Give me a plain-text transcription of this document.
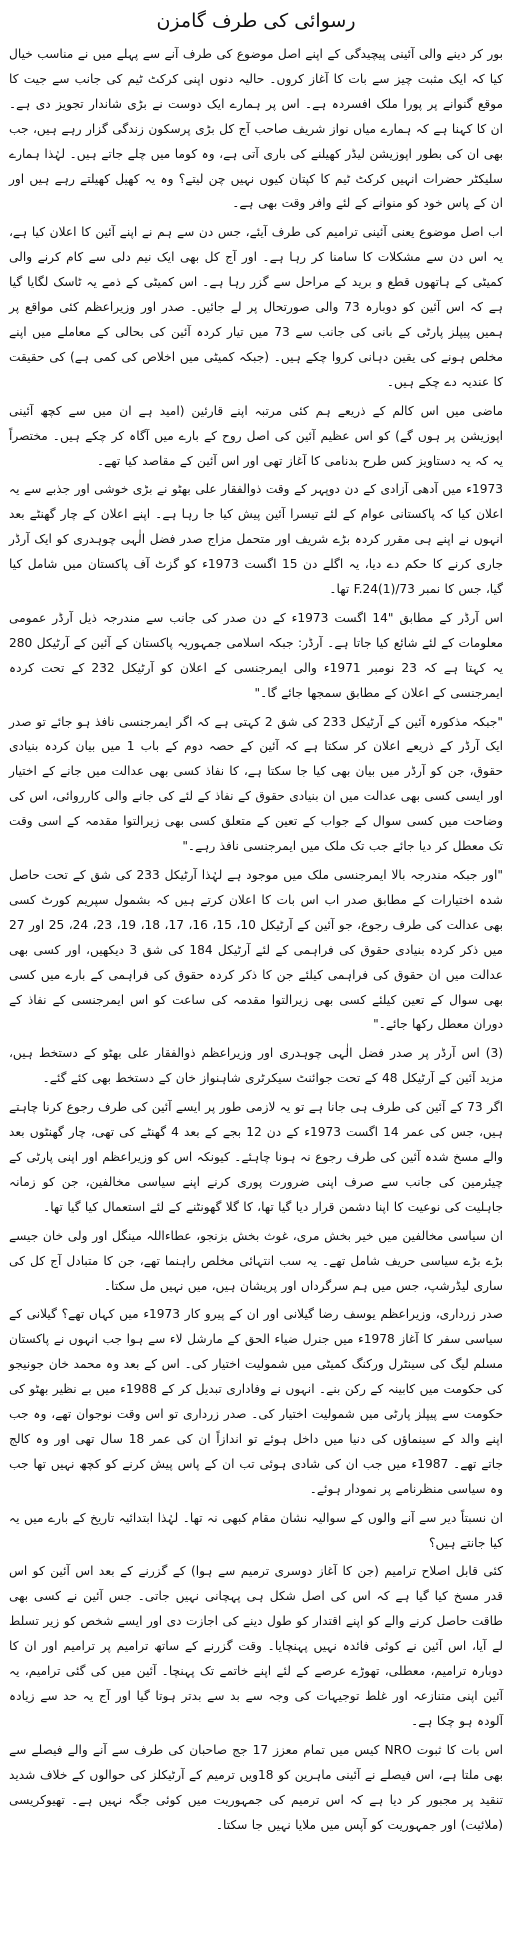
رسوائی کی طرف گامزن

بور کر دینے والی آئینی پیچیدگی کے اپنے اصل موضوع کی طرف آنے سے پہلے میں نے مناسب خیال کیا کہ ایک مثبت چیز سے بات کا آغاز کروں۔ حالیہ دنوں اپنی کرکٹ ٹیم کی جانب سے جیت کا موقع گنوانے پر پورا ملک افسردہ ہے۔ اس پر ہمارے ایک دوست نے بڑی شاندار تجویز دی ہے۔ ان کا کہنا ہے کہ ہمارے میاں نواز شریف صاحب آج کل بڑی پرسکون زندگی گزار رہے ہیں، جب بھی ان کی بطور اپوزیشن لیڈر کھیلنے کی باری آتی ہے، وہ کوما میں چلے جاتے ہیں۔ لہٰذا ہمارے سلیکٹر حضرات انہیں کرکٹ ٹیم کا کپتان کیوں نہیں چن لیتے؟ وہ یہ کھیل کھیلتے رہے ہیں اور ان کے پاس خود کو منوانے کے لئے وافر وقت بھی ہے۔

اب اصل موضوع یعنی آئینی ترامیم کی طرف آیئے، جس دن سے ہم نے اپنے آئین کا اعلان کیا ہے، یہ اس دن سے مشکلات کا سامنا کر رہا ہے۔ اور آج کل بھی ایک نیم دلی سے کام کرنے والی کمیٹی کے ہاتھوں قطع و برید کے مراحل سے گزر رہا ہے۔ اس کمیٹی کے ذمے یہ ٹاسک لگایا گیا ہے کہ اس آئین کو دوبارہ 73 والی صورتحال پر لے جائیں۔ صدر اور وزیراعظم کئی مواقع پر ہمیں پیپلز پارٹی کے بانی کی جانب سے 73 میں تیار کردہ آئین کی بحالی کے معاملے میں اپنے مخلص ہونے کی یقین دہانی کروا چکے ہیں۔ (جبکہ کمیٹی میں اخلاص کی کمی ہے) کی حقیقت کا عندیہ دے چکے ہیں۔

ماضی میں اس کالم کے ذریعے ہم کئی مرتبہ اپنے قارئین (امید ہے ان میں سے کچھ آئینی اپوزیشن پر ہوں گے) کو اس عظیم آئین کی اصل روح کے بارے میں آگاہ کر چکے ہیں۔ مختصراً یہ کہ یہ دستاویز کس طرح بدنامی کا آغاز تھی اور اس آئین کے مقاصد کیا تھے۔

1973ء میں آدھی آزادی کے دن دوپہر کے وقت ذوالفقار علی بھٹو نے بڑی خوشی اور جذبے سے یہ اعلان کیا کہ پاکستانی عوام کے لئے تیسرا آئین پیش کیا جا رہا ہے۔ اپنے اعلان کے چار گھنٹے بعد انہوں نے اپنے ہی مقرر کردہ بڑے شریف اور متحمل مزاج صدر فضل الٰہی چوہدری کو ایک آرڈر جاری کرنے کا حکم دے دیا، یہ اگلے دن 15 اگست 1973ء کو گزٹ آف پاکستان میں شامل کیا گیا، جس کا نمبر F.24(1)/73 تھا۔

اس آرڈر کے مطابق "14 اگست 1973ء کے دن صدر کی جانب سے مندرجہ ذیل آرڈر عمومی معلومات کے لئے شائع کیا جاتا ہے۔ آرڈر: جبکہ اسلامی جمہوریہ پاکستان کے آئین کے آرٹیکل 280 یہ کہتا ہے کہ 23 نومبر 1971ء والی ایمرجنسی کے اعلان کو آرٹیکل 232 کے تحت کردہ ایمرجنسی کے اعلان کے مطابق سمجھا جائے گا۔"

"جبکہ مذکورہ آئین کے آرٹیکل 233 کی شق 2 کہتی ہے کہ اگر ایمرجنسی نافذ ہو جائے تو صدر ایک آرڈر کے ذریعے اعلان کر سکتا ہے کہ آئین کے حصہ دوم کے باب 1 میں بیان کردہ بنیادی حقوق، جن کو آرڈر میں بیان بھی کیا جا سکتا ہے، کا نفاذ کسی بھی عدالت میں جانے کے اختیار اور ایسی کسی بھی عدالت میں ان بنیادی حقوق کے نفاذ کے لئے کی جانے والی کارروائی، اس کی وضاحت میں کسی سوال کے جواب کے تعین کے متعلق کسی بھی زیرالتوا مقدمہ کے اسی وقت تک معطل کر دیا جائے جب تک ملک میں ایمرجنسی نافذ رہے۔"

"اور جبکہ مندرجہ بالا ایمرجنسی ملک میں موجود ہے لہٰذا آرٹیکل 233 کی شق کے تحت حاصل شدہ اختیارات کے مطابق صدر اب اس بات کا اعلان کرتے ہیں کہ بشمول سپریم کورٹ کسی بھی عدالت کی طرف رجوع، جو آئین کے آرٹیکل 10، 15، 16، 17، 18، 19، 23، 24، 25 اور 27 میں ذکر کردہ بنیادی حقوق کی فراہمی کے لئے آرٹیکل 184 کی شق 3 دیکھیں، اور کسی بھی عدالت میں ان حقوق کی فراہمی کیلئے جن کا ذکر کردہ حقوق کی فراہمی کے بارے میں کسی بھی سوال کے تعین کیلئے کسی بھی زیرالتوا مقدمہ کی ساعت کو اس ایمرجنسی کے نفاذ کے دوران معطل رکھا جائے۔"

(3) اس آرڈر پر صدر فضل الٰہی چوہدری اور وزیراعظم ذوالفقار علی بھٹو کے دستخط ہیں، مزید آئین کے آرٹیکل 48 کے تحت جوائنٹ سیکرٹری شاہنواز خان کے دستخط بھی کئے گئے۔

اگر 73 کے آئین کی طرف ہی جانا ہے تو یہ لازمی طور پر ایسے آئین کی طرف رجوع کرنا چاہتے ہیں، جس کی عمر 14 اگست 1973ء کے دن 12 بجے کے بعد 4 گھنٹے کی تھی، چار گھنٹوں بعد والے مسخ شدہ آئین کی طرف رجوع نہ ہونا چاہئے۔ کیونکہ اس کو وزیراعظم اور اپنی پارٹی کے چیئرمین کی جانب سے صرف اپنی ضرورت پوری کرنے اپنے سیاسی مخالفین، جن کو زمانہ جاہلیت کی نوعیت کا اپنا دشمن قرار دیا گیا تھا، کا گلا گھونٹنے کے لئے استعمال کیا گیا تھا۔

ان سیاسی مخالفین میں خیر بخش مری، غوث بخش بزنجو، عطاءاللہ مینگل اور ولی خان جیسے بڑے بڑے سیاسی حریف شامل تھے۔ یہ سب انتہائی مخلص راہنما تھے، جن کا متبادل آج کل کی ساری لیڈرشپ، جس میں ہم سرگرداں اور پریشان ہیں، میں نہیں مل سکتا۔

صدر زرداری، وزیراعظم یوسف رضا گیلانی اور ان کے پیرو کار 1973ء میں کہاں تھے؟ گیلانی کے سیاسی سفر کا آغاز 1978ء میں جنرل ضیاء الحق کے مارشل لاء سے ہوا جب انہوں نے پاکستان مسلم لیگ کی سینٹرل ورکنگ کمیٹی میں شمولیت اختیار کی۔ اس کے بعد وہ محمد خان جونیجو کی حکومت میں کابینہ کے رکن بنے۔ انہوں نے وفاداری تبدیل کر کے 1988ء میں بے نظیر بھٹو کی حکومت سے پیپلز پارٹی میں شمولیت اختیار کی۔ صدر زرداری تو اس وقت نوجوان تھے، وہ جب اپنے والد کے سینماؤں کی دنیا میں داخل ہوئے تو اندازاً ان کی عمر 18 سال تھی اور وہ کالج جاتے تھے۔ 1987ء میں جب ان کی شادی ہوئی تب ان کے پاس پیش کرنے کو کچھ نہیں تھا جب وہ سیاسی منظرنامے پر نمودار ہوئے۔

ان نسبتاً دیر سے آنے والوں کے سوالیہ نشان مقام کبھی نہ تھا۔ لہٰذا ابتدائیہ تاریخ کے بارے میں یہ کیا جانتے ہیں؟

کئی قابل اصلاح ترامیم (جن کا آغاز دوسری ترمیم سے ہوا) کے گزرنے کے بعد اس آئین کو اس قدر مسخ کیا گیا ہے کہ اس کی اصل شکل ہی پہچانی نہیں جاتی۔ جس آئین نے کسی بھی طاقت حاصل کرنے والے کو اپنے اقتدار کو طول دینے کی اجازت دی اور ایسے شخص کو زیر تسلط لے آیا، اس آئین نے کوئی فائدہ نہیں پہنچایا۔ وقت گزرنے کے ساتھ ترامیم پر ترامیم اور ان کا دوبارہ ترامیم، معطلی، تھوڑے عرصے کے لئے اپنے خاتمے تک پہنچا۔ آئین میں کی گئی ترامیم، یہ آئین اپنی متنازعہ اور غلط توجیہات کی وجہ سے بد سے بدتر ہوتا گیا اور آج یہ حد سے زیادہ آلودہ ہو چکا ہے۔

اس بات کا ثبوت NRO کیس میں تمام معزز 17 جج صاحبان کی طرف سے آنے والے فیصلے سے بھی ملتا ہے، اس فیصلے نے آئینی ماہرین کو 18ویں ترمیم کے آرٹیکلز کی حوالوں کے خلاف شدید تنقید پر مجبور کر دیا ہے کہ اس ترمیم کی جمہوریت میں کوئی جگہ نہیں ہے۔ تھیوکریسی (ملائیت) اور جمہوریت کو آپس میں ملایا نہیں جا سکتا۔
